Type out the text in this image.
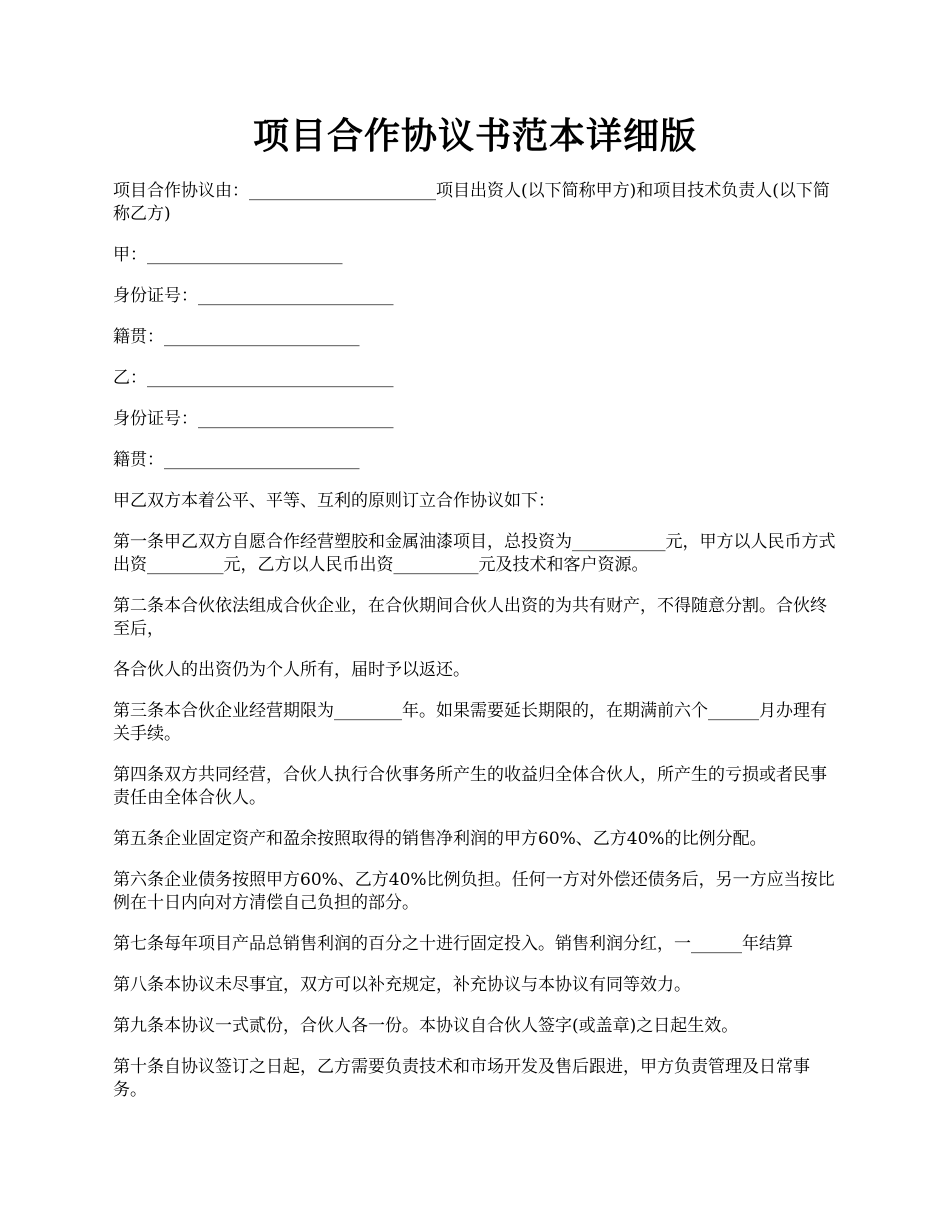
项目合作协议书范本详细版

项目合作协议由：______________________项目出资人(以下简称甲方)和项目技术负责人(以下简称乙方)

甲：_______________________

身份证号：_______________________

籍贯：_______________________

乙：_____________________________

身份证号：_______________________

籍贯：_______________________

甲乙双方本着公平、平等、互利的原则订立合作协议如下：

第一条甲乙双方自愿合作经营塑胶和金属油漆项目，总投资为___________元，甲方以人民币方式出资_________元，乙方以人民币出资__________元及技术和客户资源。

第二条本合伙依法组成合伙企业，在合伙期间合伙人出资的为共有财产，不得随意分割。合伙终至后，

各合伙人的出资仍为个人所有，届时予以返还。

第三条本合伙企业经营期限为________年。如果需要延长期限的，在期满前六个______月办理有关手续。

第四条双方共同经营，合伙人执行合伙事务所产生的收益归全体合伙人，所产生的亏损或者民事责任由全体合伙人。

第五条企业固定资产和盈余按照取得的销售净利润的甲方60%、乙方40%的比例分配。

第六条企业债务按照甲方60%、乙方40%比例负担。任何一方对外偿还债务后，另一方应当按比例在十日内向对方清偿自己负担的部分。

第七条每年项目产品总销售利润的百分之十进行固定投入。销售利润分红，一______年结算

第八条本协议未尽事宜，双方可以补充规定，补充协议与本协议有同等效力。

第九条本协议一式贰份，合伙人各一份。本协议自合伙人签字(或盖章)之日起生效。

第十条自协议签订之日起，乙方需要负责技术和市场开发及售后跟进，甲方负责管理及日常事务。
